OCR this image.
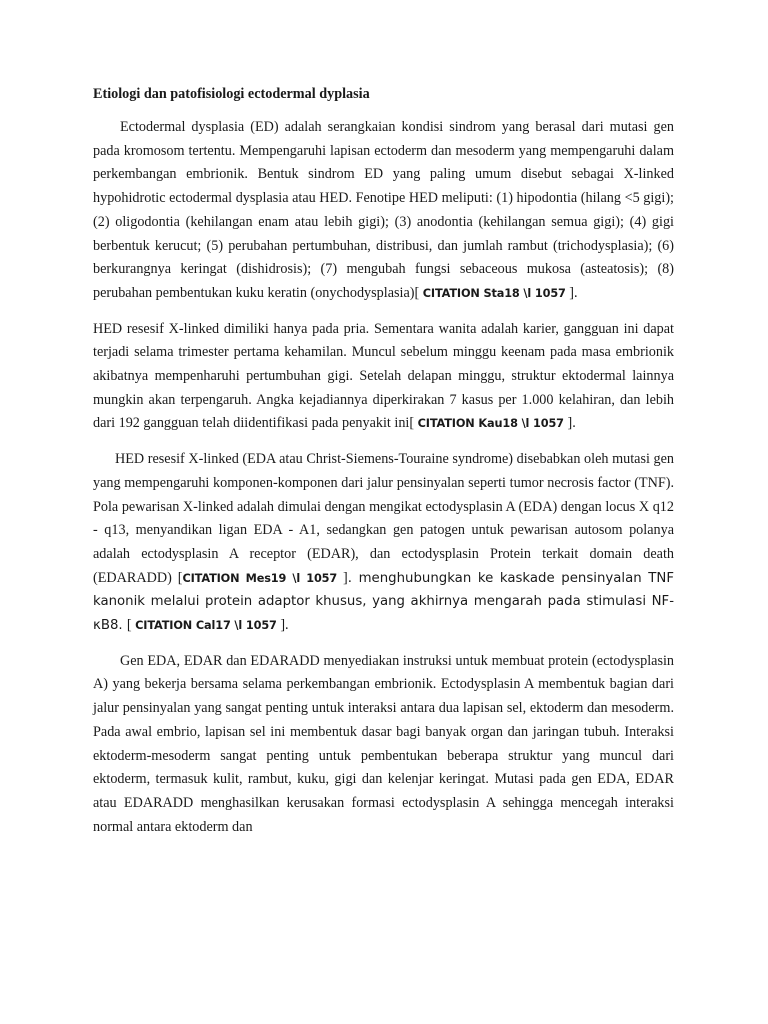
Etiologi dan patofisiologi ectodermal dyplasia

Ectodermal dysplasia (ED) adalah serangkaian kondisi sindrom yang berasal dari mutasi gen pada kromosom tertentu. Mempengaruhi lapisan ectoderm dan mesoderm yang mempengaruhi dalam perkembangan embrionik. Bentuk sindrom ED yang paling umum disebut sebagai X-linked hypohidrotic ectodermal dysplasia atau HED. Fenotipe HED meliputi: (1) hipodontia (hilang <5 gigi); (2) oligodontia (kehilangan enam atau lebih gigi); (3) anodontia (kehilangan semua gigi); (4) gigi berbentuk kerucut; (5) perubahan pertumbuhan, distribusi, dan jumlah rambut (trichodysplasia); (6) berkurangnya keringat (dishidrosis); (7) mengubah fungsi sebaceous mukosa (asteatosis); (8) perubahan pembentukan kuku keratin (onychodysplasia)[ CITATION Sta18 \l 1057 ].

HED resesif X-linked dimiliki hanya pada pria. Sementara wanita adalah karier, gangguan ini dapat terjadi selama trimester pertama kehamilan. Muncul sebelum minggu keenam pada masa embrionik akibatnya mempenharuhi pertumbuhan gigi. Setelah delapan minggu, struktur ektodermal lainnya mungkin akan terpengaruh. Angka kejadiannya diperkirakan 7 kasus per 1.000 kelahiran, dan lebih dari 192 gangguan telah diidentifikasi pada penyakit ini[ CITATION Kau18 \l 1057 ].

HED resesif X-linked (EDA atau Christ-Siemens-Touraine syndrome) disebabkan oleh mutasi gen yang mempengaruhi komponen-komponen dari jalur pensinyalan seperti tumor necrosis factor (TNF). Pola pewarisan X-linked adalah dimulai dengan mengikat ectodysplasin A (EDA) dengan locus X q12 - q13, menyandikan ligan EDA - A1, sedangkan gen patogen untuk pewarisan autosom polanya adalah ectodysplasin A receptor (EDAR), dan ectodysplasin Protein terkait domain death (EDARADD) [CITATION Mes19 \l 1057 ]. menghubungkan ke kaskade pensinyalan TNF kanonik melalui protein adaptor khusus, yang akhirnya mengarah pada stimulasi NF-κB8. [ CITATION Cal17 \l 1057 ].

Gen EDA, EDAR dan EDARADD menyediakan instruksi untuk membuat protein (ectodysplasin A) yang bekerja bersama selama perkembangan embrionik. Ectodysplasin A membentuk bagian dari jalur pensinyalan yang sangat penting untuk interaksi antara dua lapisan sel, ektoderm dan mesoderm. Pada awal embrio, lapisan sel ini membentuk dasar bagi banyak organ dan jaringan tubuh. Interaksi ektoderm-mesoderm sangat penting untuk pembentukan beberapa struktur yang muncul dari ektoderm, termasuk kulit, rambut, kuku, gigi dan kelenjar keringat. Mutasi pada gen EDA, EDAR atau EDARADD menghasilkan kerusakan formasi ectodysplasin A sehingga mencegah interaksi normal antara ektoderm dan
